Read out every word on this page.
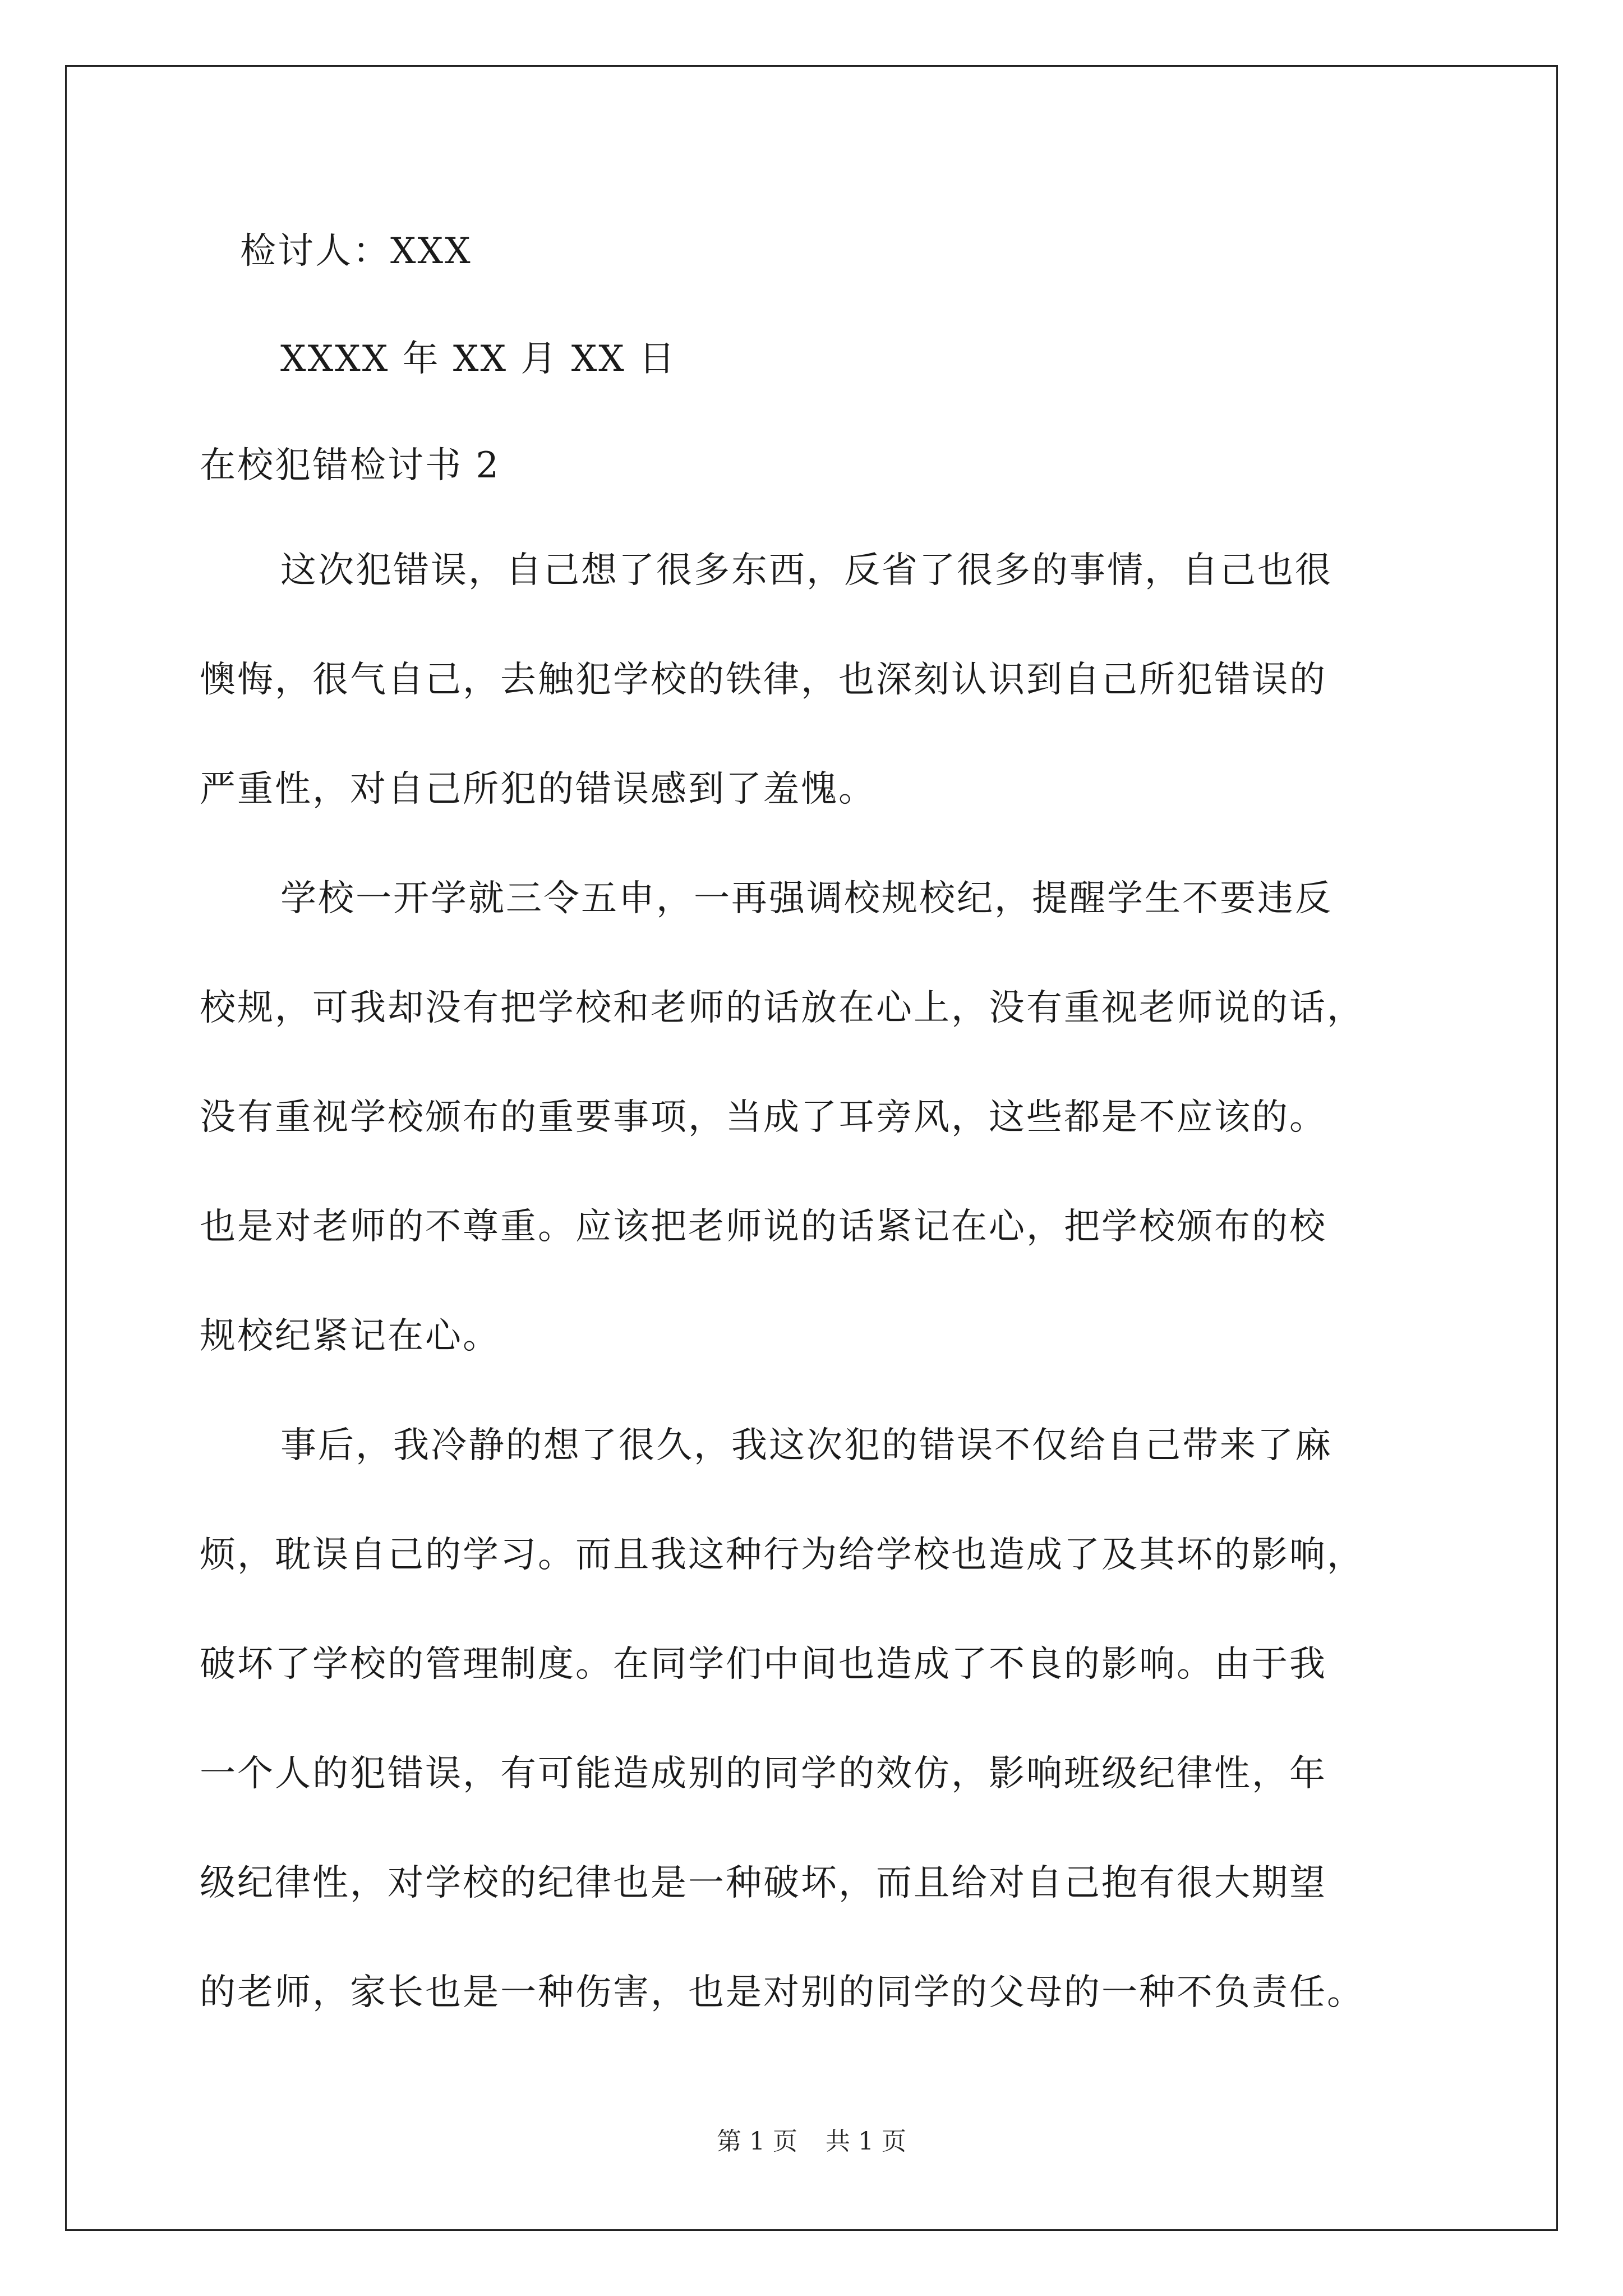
检讨人：XXX
XXXX 年 XX 月 XX 日
在校犯错检讨书 2
这次犯错误，自己想了很多东西，反省了很多的事情，自己也很
懊悔，很气自己，去触犯学校的铁律，也深刻认识到自己所犯错误的
严重性，对自己所犯的错误感到了羞愧。
学校一开学就三令五申，一再强调校规校纪，提醒学生不要违反
校规，可我却没有把学校和老师的话放在心上，没有重视老师说的话，
没有重视学校颁布的重要事项，当成了耳旁风，这些都是不应该的。
也是对老师的不尊重。应该把老师说的话紧记在心，把学校颁布的校
规校纪紧记在心。
事后，我冷静的想了很久，我这次犯的错误不仅给自己带来了麻
烦，耽误自己的学习。而且我这种行为给学校也造成了及其坏的影响，
破坏了学校的管理制度。在同学们中间也造成了不良的影响。由于我
一个人的犯错误，有可能造成别的同学的效仿，影响班级纪律性，年
级纪律性，对学校的纪律也是一种破坏，而且给对自己抱有很大期望
的老师，家长也是一种伤害，也是对别的同学的父母的一种不负责任。
第 1 页 共 1 页
